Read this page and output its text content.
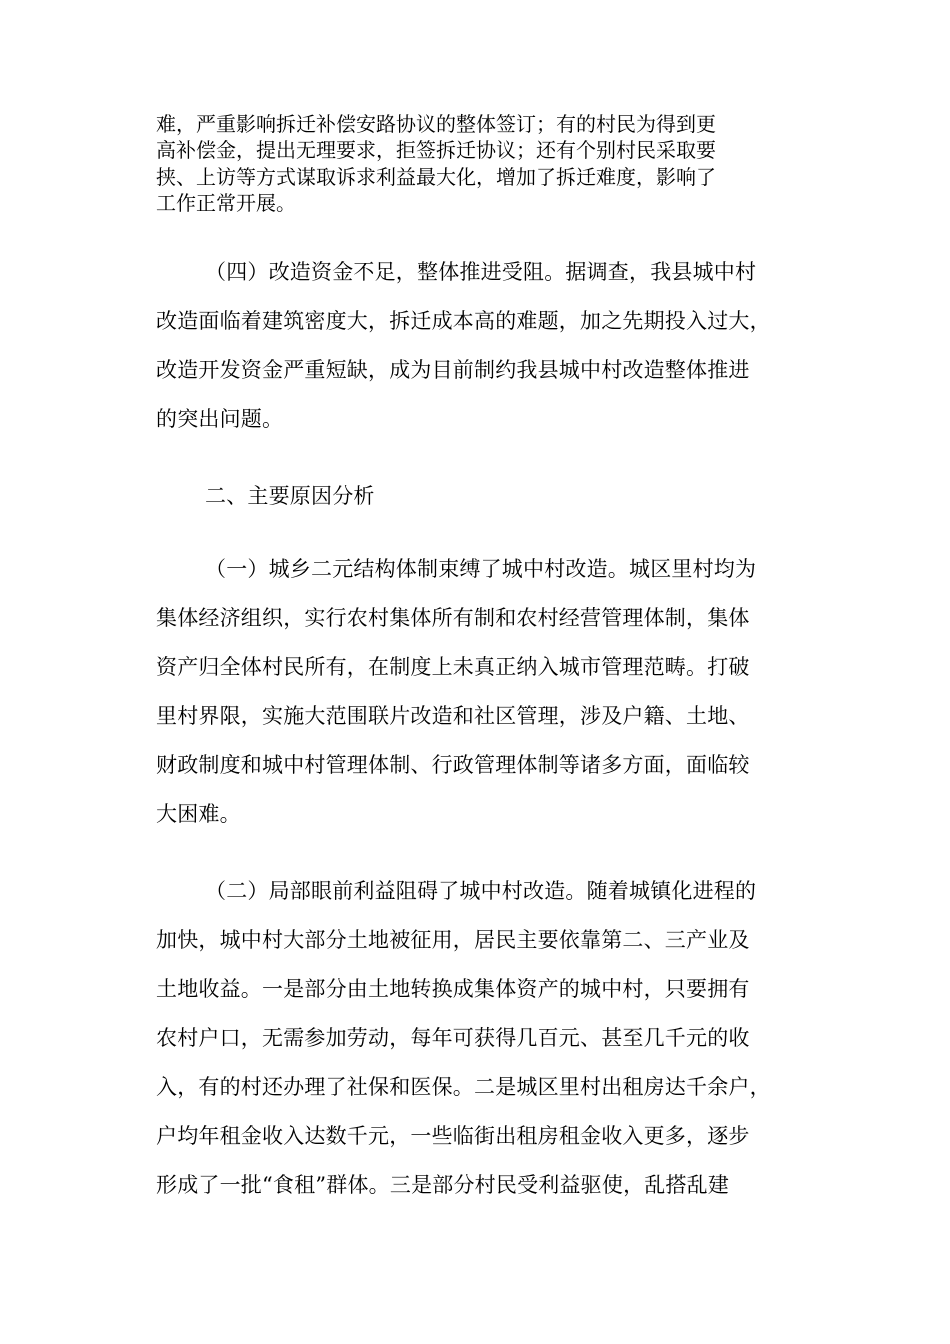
难，严重影响拆迁补偿安路协议的整体签订；有的村民为得到更
高补偿金，提出无理要求，拒签拆迁协议；还有个别村民采取要
挟、上访等方式谋取诉求利益最大化，增加了拆迁难度，影响了
工作正常开展。
（四）改造资金不足，整体推进受阻。据调查，我县城中村
改造面临着建筑密度大，拆迁成本高的难题，加之先期投入过大，
改造开发资金严重短缺，成为目前制约我县城中村改造整体推进
的突出问题。
二、主要原因分析
（一）城乡二元结构体制束缚了城中村改造。城区里村均为
集体经济组织，实行农村集体所有制和农村经营管理体制，集体
资产归全体村民所有，在制度上未真正纳入城市管理范畴。打破
里村界限，实施大范围联片改造和社区管理，涉及户籍、土地、
财政制度和城中村管理体制、行政管理体制等诸多方面，面临较
大困难。
（二）局部眼前利益阻碍了城中村改造。随着城镇化进程的
加快，城中村大部分土地被征用，居民主要依靠第二、三产业及
土地收益。一是部分由土地转换成集体资产的城中村，只要拥有
农村户口，无需参加劳动，每年可获得几百元、甚至几千元的收
入，有的村还办理了社保和医保。二是城区里村出租房达千余户，
户均年租金收入达数千元，一些临街出租房租金收入更多，逐步
形成了一批“食租”群体。三是部分村民受利益驱使，乱搭乱建
